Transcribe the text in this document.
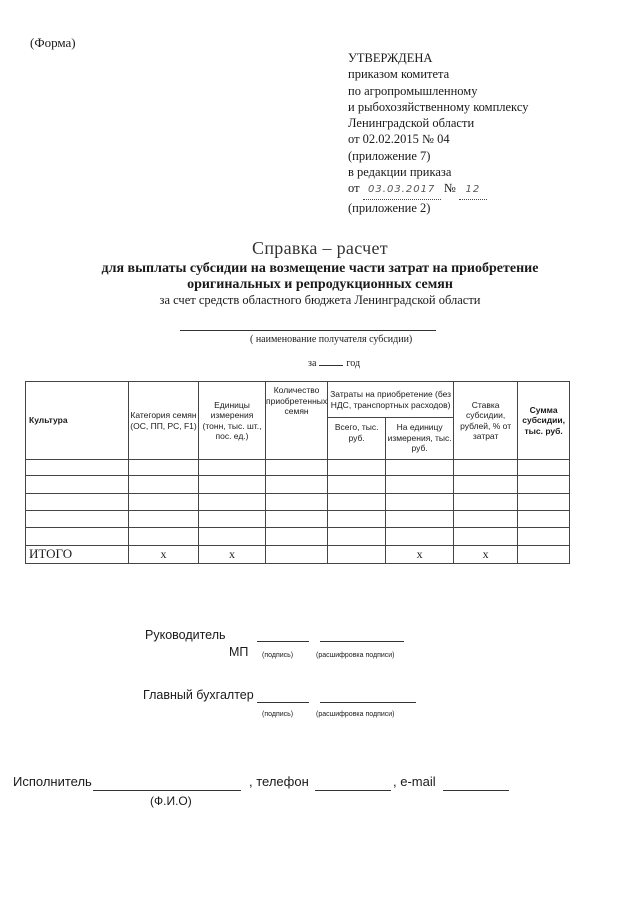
(Форма)
УТВЕРЖДЕНА
приказом комитета
по агропромышленному
и рыбохозяйственному комплексу
Ленинградской области
от 02.02.2015 № 04
(приложение 7)
в редакции приказа
от 03.03.2017 № 12
(приложение 2)
Справка – расчет
для выплаты субсидии на возмещение части затрат на приобретение
оригинальных и репродукционных семян
за счет средств областного бюджета Ленинградской области
( наименование получателя субсидии)
за	год
Культура	Категория семян (ОС, ПП, РС, F1)	Единицы измерения (тонн, тыс. шт., пос. ед.)	Количество приобретенных семян	Затраты на приобретение (без НДС, транспортных расходов)		Ставка субсидии, рублей, % от затрат	Сумма субсидии, тыс. руб.
				Всего, тыс. руб.	На единицу измерения, тыс. руб.		

ИТОГО	х	х			х	х	
Руководитель
МП (подпись)	(расшифровка подписи)
Главный бухгалтер
(подпись)	(расшифровка подписи)
Исполнитель	, телефон	, e-mail
(Ф.И.О)
